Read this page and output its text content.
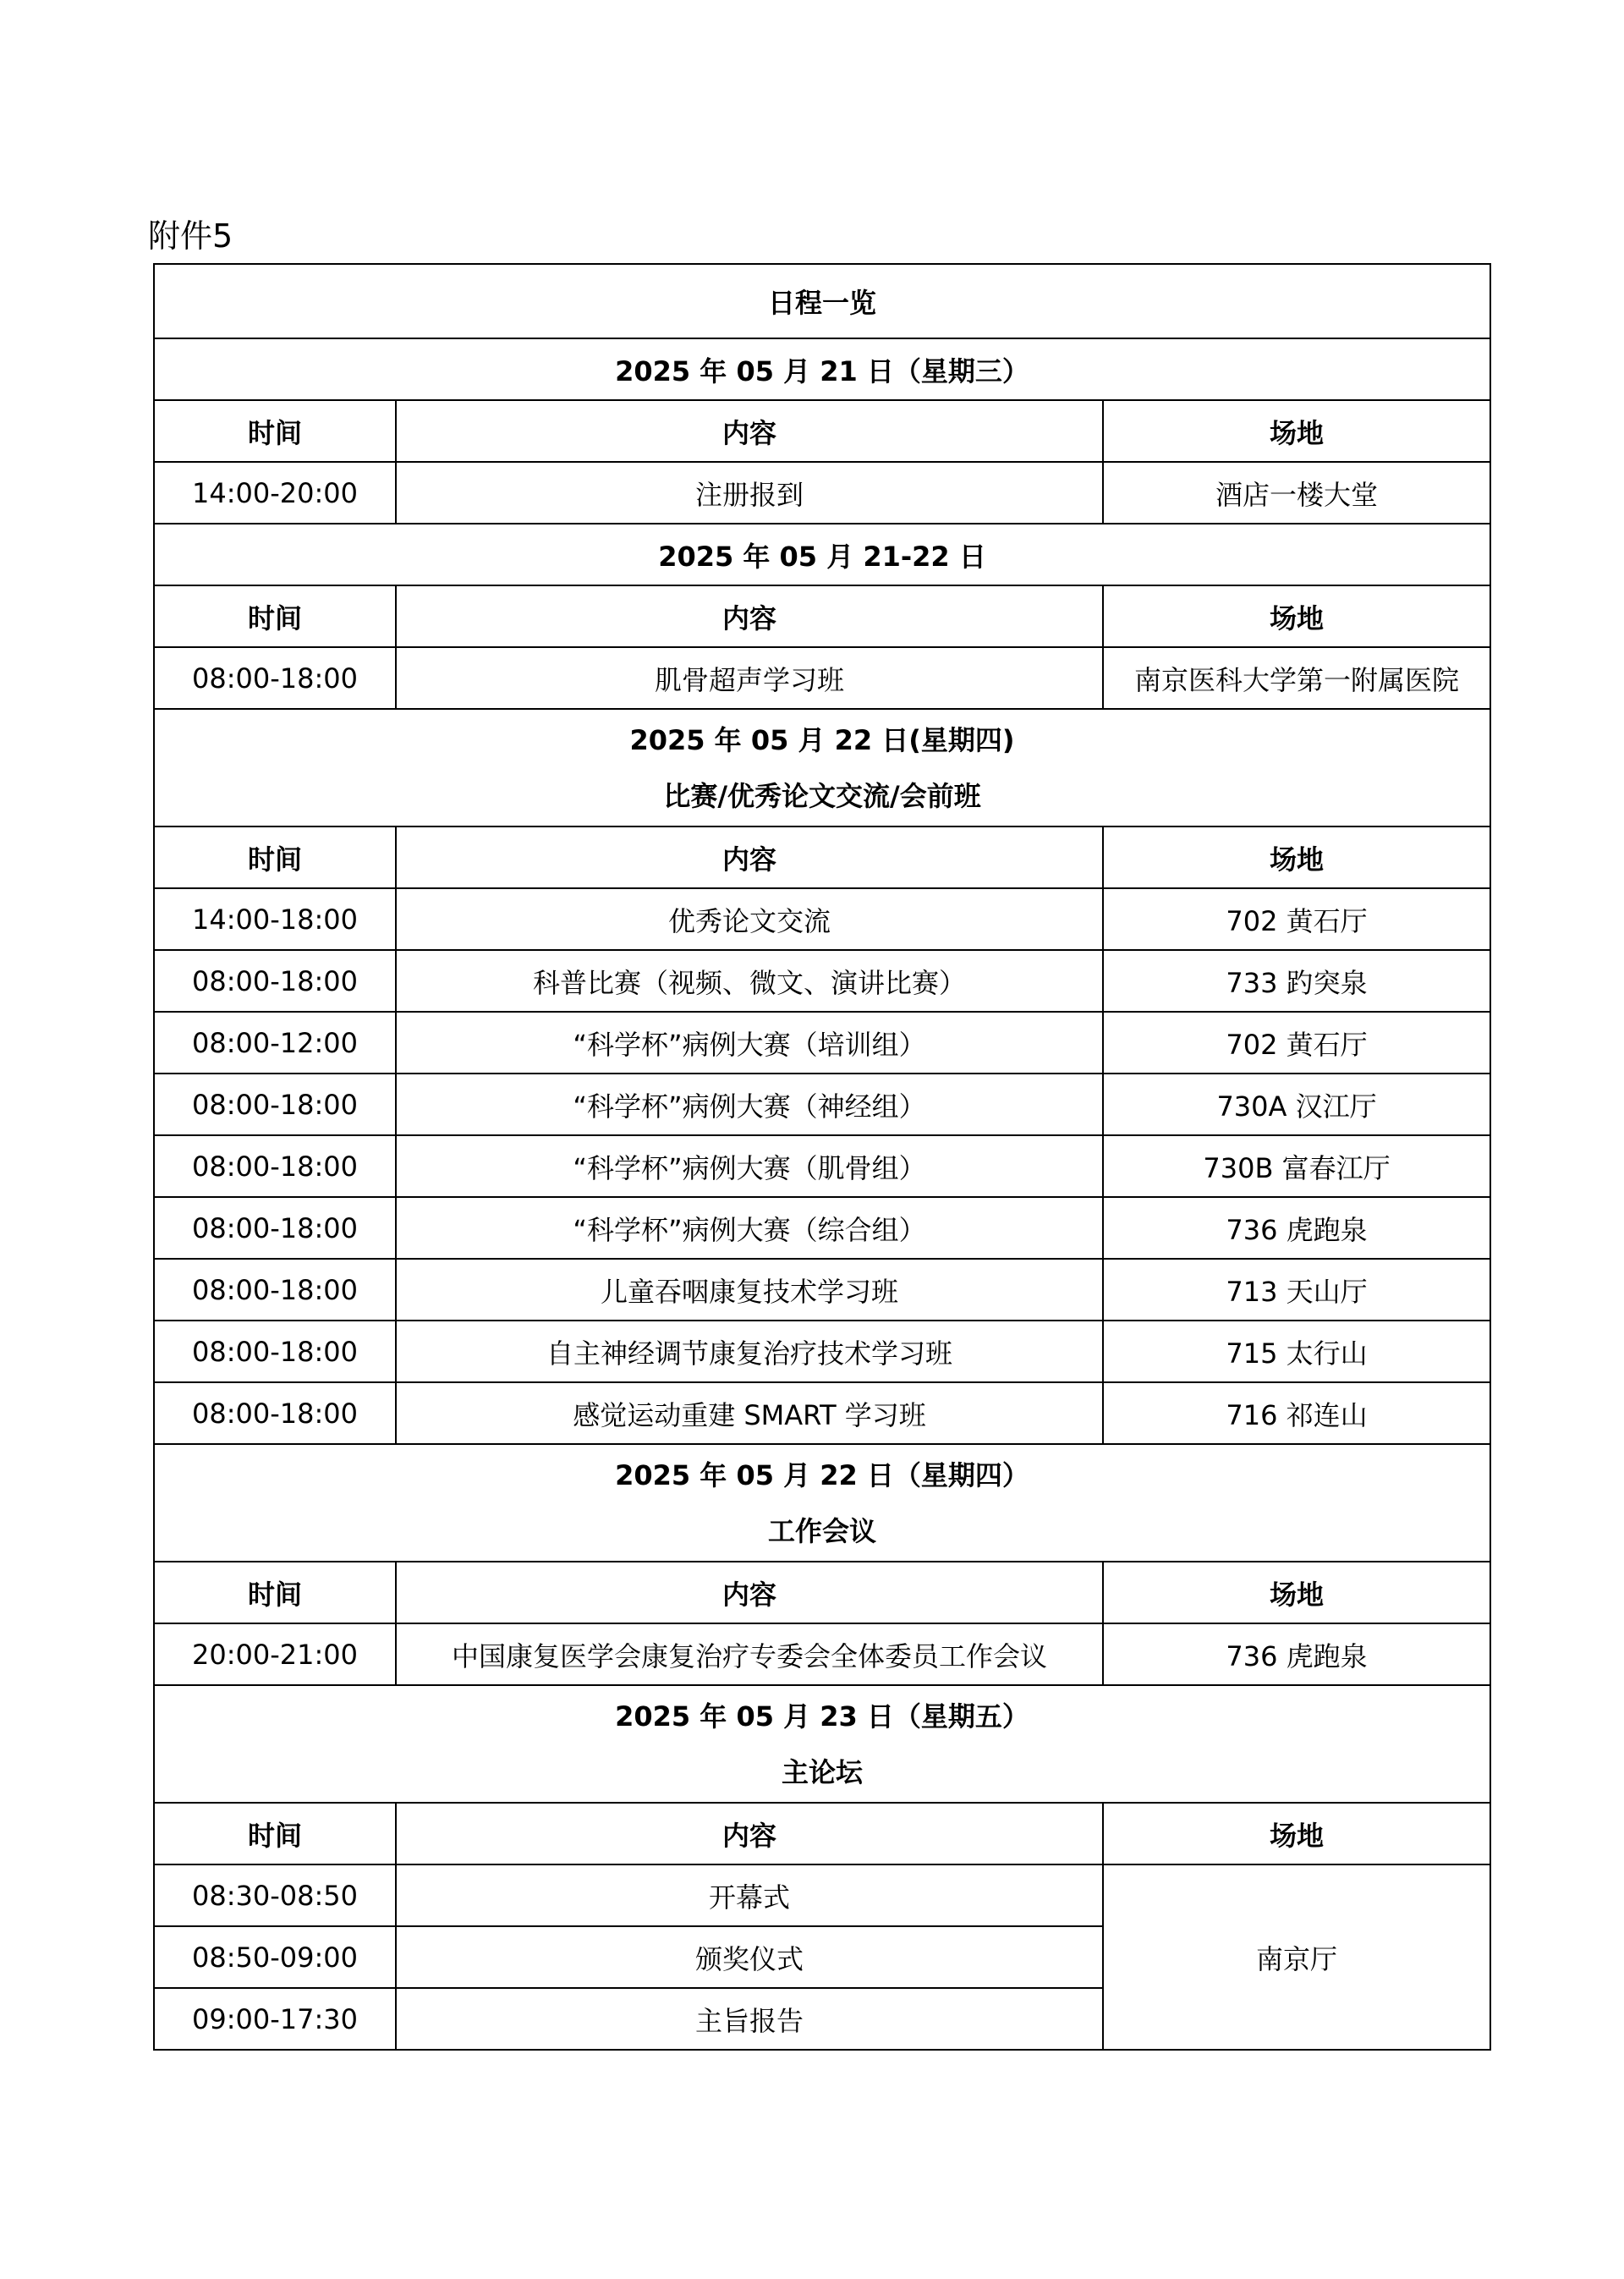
附件5
日程一览		
2025 年 05 月 21 日（星期三）		
时间	内容	场地
14:00-20:00	注册报到	酒店一楼大堂
2025 年 05 月 21-22 日		
时间	内容	场地
08:00-18:00	肌骨超声学习班	南京医科大学第一附属医院

2025 年 05 月 22 日(星期四)
比赛/优秀论文交流/会前班		

时间	内容	场地
14:00-18:00	优秀论文交流	702 黄石厅
08:00-18:00	科普比赛（视频、微文、演讲比赛）	733 趵突泉
08:00-12:00	“科学杯”病例大赛（培训组）	702 黄石厅
08:00-18:00	“科学杯”病例大赛（神经组）	730A 汉江厅
08:00-18:00	“科学杯”病例大赛（肌骨组）	730B 富春江厅
08:00-18:00	“科学杯”病例大赛（综合组）	736 虎跑泉
08:00-18:00	儿童吞咽康复技术学习班	713 天山厅
08:00-18:00	自主神经调节康复治疗技术学习班	715 太行山
08:00-18:00	感觉运动重建 SMART 学习班	716 祁连山

2025 年 05 月 22 日（星期四）
工作会议		

时间	内容	场地
20:00-21:00	中国康复医学会康复治疗专委会全体委员工作会议	736 虎跑泉

2025 年 05 月 23 日（星期五）
主论坛		

时间	内容	场地
08:30-08:50	开幕式	南京厅
08:50-09:00	颁奖仪式	
09:00-17:30	主旨报告	
